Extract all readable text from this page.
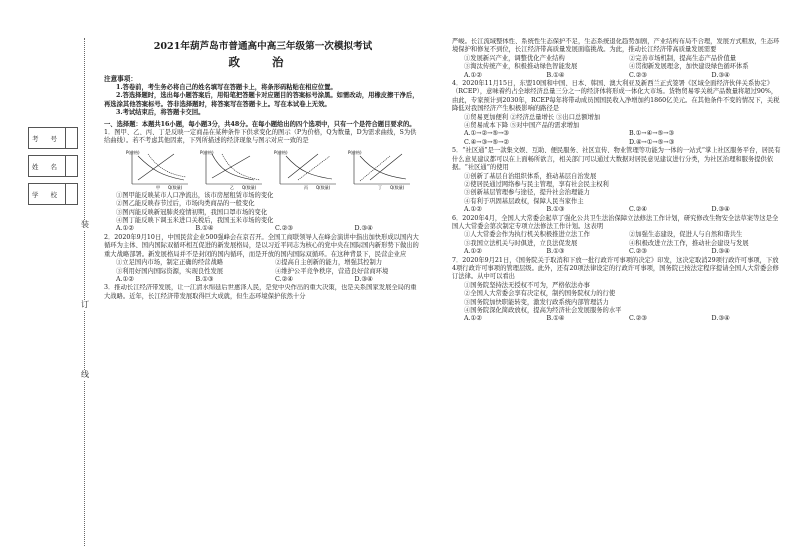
装
订
线
考 号
姓 名
学 校
2021年葫芦岛市普通高中高三年级第一次模拟考试
政 治
注意事项：
1.答卷前，考生务必将自己的姓名填写在答题卡上，将条形码粘贴在相应位置。
2.答选择题时，选出每小题答案后，用铅笔把答题卡对应题目的答案标号涂黑。如需改动，用橡皮擦干净后，再选涂其他答案标号。答非选择题时，将答案写在答题卡上。写在本试卷上无效。
3.考试结束后，将答题卡交回。
一、选择题：本题共16小题，每小题3分，共48分。在每小题给出的四个选项中，只有一个是符合题目要求的。
1．图甲、乙、丙、丁是反映一定商品在某种条件下供求变化的图示（P为价格，Q为数量，D为需求曲线，S为供给曲线）。若不考虑其他因素，下列所描述的经济现象与图示对应一致的是
P(价格)
Q(数量)
甲
P(价格)
Q(数量)
乙
P(价格)
Q(数量)
丙
P(价格)
Q(数量)
丁
①图甲能反映某市人口净流出，该市房屋租赁市场的变化
②图乙能反映春节过后，市场肉类商品的一般变化
③图丙能反映新冠肺炎疫情初期，我国口罩市场的变化
④图丁能反映下调玉米进口关税后，我国玉米市场的变化
A.①②	B.①④	C.②③	D.③④
2．2020年9月10日，中国民营企业500强峰会在京召开。全国工商联领导人在峰会演讲中指出加快形成以国内大循环为主体、国内国际双循环相互促进的新发展格局，是以习近平同志为核心的党中央在国际国内新形势下做出的重大战略部署。新发展格局并不是封闭的国内循环，而是开放的国内国际双循环。在这种背景下，民营企业应
①立足国内市场，制定正确的经营战略	②提高自主创新的能力，增强其控制力
③利用好国内国际资源，实现良性发展	④维护公平竞争秩序，营造良好营商环境
A.①②	B.①③	C.②④	D.③④
3．推动长江经济带发展，让一江清水绵延后世惠泽人民，是党中央作出的重大决策，也是关系国家发展全局的重大战略。近年，长江经济带发展取得巨大成就，但生态环境保护依然十分
严峻。长江流域整体性、系统性生态保护不足，生态系统退化趋势加剧，产业结构布局不合理，发展方式粗放，生态环境保护和修复不到位，长江经济带高质量发展面临挑战。为此，推动长江经济带高质量发展需要
①发展新兴产业，调整优化产业结构	②完善市场机制，提高生态产品价值量
③淘汰传统产业，积极推动绿色智能发展	④贯彻新发展理念，加快建设绿色循环体系
A.①②	B.①④	C.②③	D.③④
4．2020年11月15日，东盟10国和中国、日本、韩国、澳大利亚及新西兰正式签署《区域全面经济伙伴关系协定》（RCEP），意味着约占全球经济总量三分之一的经济体将形成一体化大市场。货物贸易零关税产品数量将超过90%，由此，专家预计到2030年，RCEP每年将带动成员国国民收入净增加约1860亿美元。在其他条件不变的情况下，关税降低对我国经济产生积极影响的路径是
①贸易更加便利 ②经济总量增长 ③出口总额增加
④贸易成本下降 ⑤对中国产品的需求增加
A.①→②→⑤→③	B.①→④→⑤→③
C.④→③→⑤→②	D.④→①→⑤→③
5．“社区通”是一款集文娱、互助、便民服务、社区宣传、物业管理等功能为一体的一站式“掌上社区服务平台，居民有什么意见建议都可以在上面畅所欲言，相关部门可以通过大数据对居民意见建议进行分类，为社区治理和服务提供依据。“社区通”的使用
①创新了基层自治组织体系，推动基层自治发展
②使居民通过网络参与民主管理，享有社会民主权利
③创新基层管理参与途径，提升社会治理能力
④有利于巩固基层政权，保障人民当家作主
A.①②	B.①③	C.②④	D.③④
6．2020年4月，全国人大常委会起草了强化公共卫生法治保障立法修法工作计划，研究修改生物安全法草案等这是全国人大常委会第次制定专项立法修法工作计划。这表明
①人大常委会作为执行机关积极推进立法工作	②加强生态建设，促进人与自然和谐共生
③我国立法机关与时俱进，立良法促发展	④积极改进立法工作，推动社会建设与发展
A.①②	B.①③	C.②③	D.③④
7．2020年9月21日，《国务院关于取消和下放一批行政许可事项的决定》印发，这决定取消29项行政许可事项，下放4项行政许可事项的管理层级。此外，还有20项法律设定的行政许可事项，国务院已按法定程序提请全国人大常委会修订法律。从中可以看出
①国务院坚持法无授权不可为，严格依法办事
②全国人大常委会享有决定权，制约国务院权力的行使
③国务院加快职能转变，激发行政系统内部管理活力
④国务院深化简政放权，提高为经济社会发展服务的水平
A.①②	B.①④	C.②③	D.③④
